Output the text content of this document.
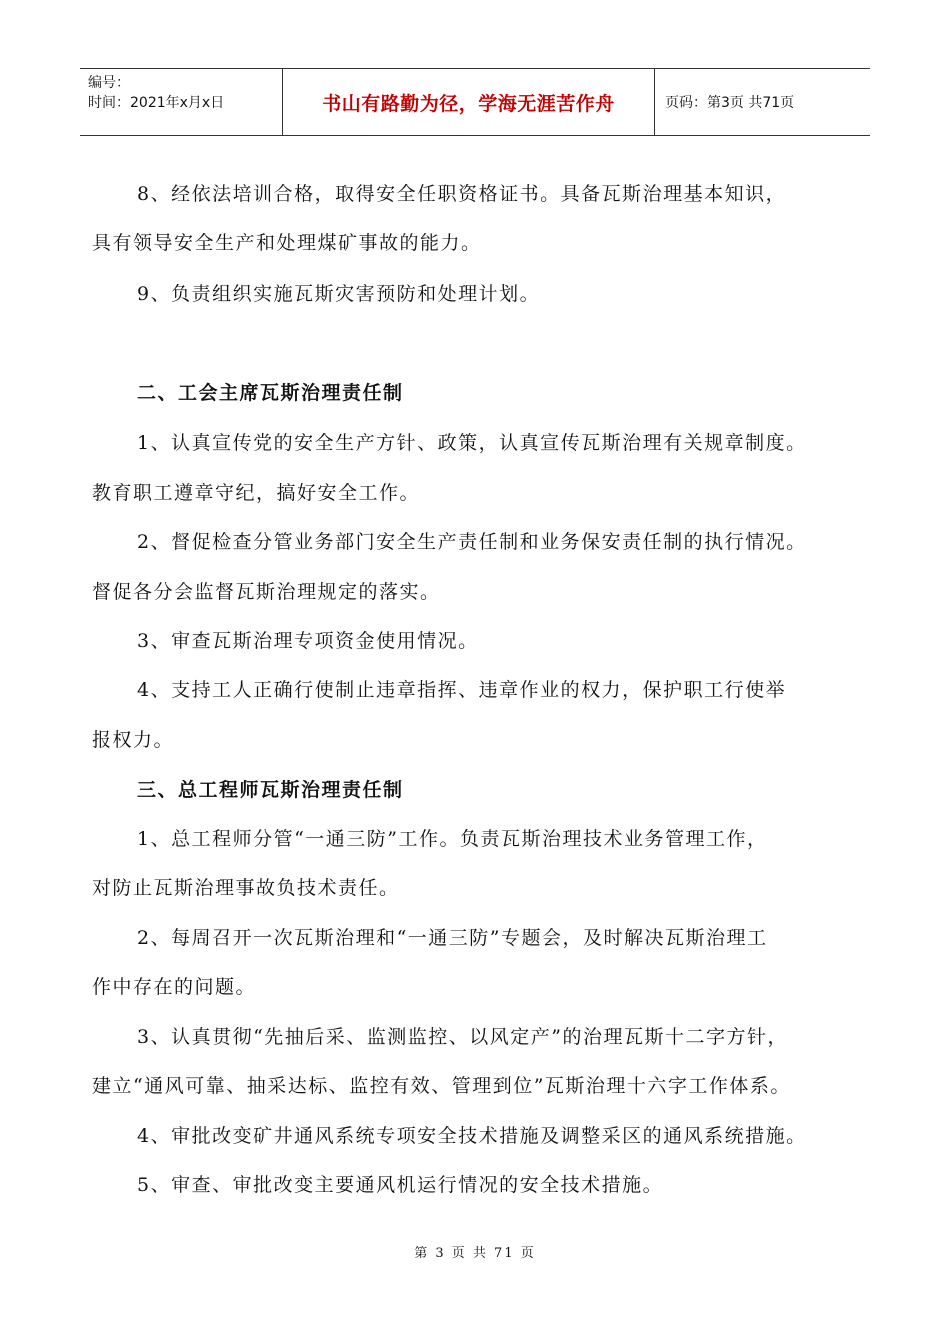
编号：
时间：2021年x月x日	书山有路勤为径，学海无涯苦作舟	页码：第3页 共71页
8、经依法培训合格，取得安全任职资格证书。具备瓦斯治理基本知识，
具有领导安全生产和处理煤矿事故的能力。
9、负责组织实施瓦斯灾害预防和处理计划。
二、工会主席瓦斯治理责任制
1、认真宣传党的安全生产方针、政策，认真宣传瓦斯治理有关规章制度。
教育职工遵章守纪，搞好安全工作。
2、督促检查分管业务部门安全生产责任制和业务保安责任制的执行情况。
督促各分会监督瓦斯治理规定的落实。
3、审查瓦斯治理专项资金使用情况。
4、支持工人正确行使制止违章指挥、违章作业的权力，保护职工行使举
报权力。
三、总工程师瓦斯治理责任制
1、总工程师分管“一通三防”工作。负责瓦斯治理技术业务管理工作，
对防止瓦斯治理事故负技术责任。
2、每周召开一次瓦斯治理和“一通三防”专题会，及时解决瓦斯治理工
作中存在的问题。
3、认真贯彻“先抽后采、监测监控、以风定产”的治理瓦斯十二字方针，
建立“通风可靠、抽采达标、监控有效、管理到位”瓦斯治理十六字工作体系。
4、审批改变矿井通风系统专项安全技术措施及调整采区的通风系统措施。
5、审查、审批改变主要通风机运行情况的安全技术措施。
第 3 页 共 71 页
